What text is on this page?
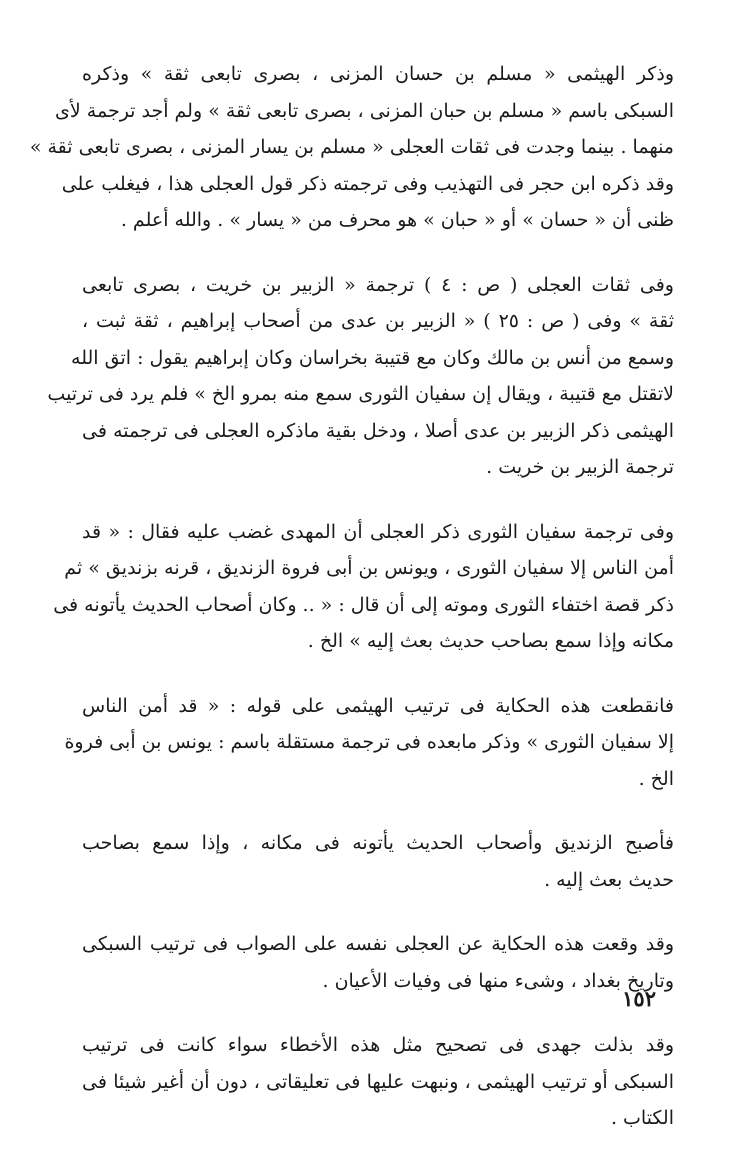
وذكر الهيثمى « مسلم بن حسان المزنى ، بصرى تابعى ثقة » وذكره
السبكى باسم « مسلم بن حبان المزنى ، بصرى تابعى ثقة » ولم أجد ترجمة لأى
منهما . بينما وجدت فى ثقات العجلى « مسلم بن يسار المزنى ، بصرى تابعى ثقة »
وقد ذكره ابن حجر فى التهذيب وفى ترجمته ذكر قول العجلى هذا ، فيغلب على
ظنى أن « حسان » أو « حبان » هو محرف من « يسار » . والله أعلم .
وفى ثقات العجلى ( ص : ٤ ) ترجمة « الزبير بن خريت ، بصرى تابعى
ثقة » وفى ( ص : ٢٥ ) « الزبير بن عدى من أصحاب إبراهيم ، ثقة ثبت ،
وسمع من أنس بن مالك وكان مع قتيبة بخراسان وكان إبراهيم يقول : اتق الله
لاتقتل مع قتيبة ، ويقال إن سفيان الثورى سمع منه بمرو الخ » فلم يرد فى ترتيب
الهيثمى ذكر الزبير بن عدى أصلا ، ودخل بقية ماذكره العجلى فى ترجمته فى
ترجمة الزبير بن خريت .
وفى ترجمة سفيان الثورى ذكر العجلى أن المهدى غضب عليه فقال : « قد
أمن الناس إلا سفيان الثورى ، ويونس بن أبى فروة الزنديق ، قرنه بزنديق » ثم
ذكر قصة اختفاء الثورى وموته إلى أن قال : « .. وكان أصحاب الحديث يأتونه فى
مكانه وإذا سمع بصاحب حديث بعث إليه » الخ .
فانقطعت هذه الحكاية فى ترتيب الهيثمى على قوله : « قد أمن الناس
إلا سفيان الثورى » وذكر مابعده فى ترجمة مستقلة باسم : يونس بن أبى فروة
الخ .
فأصبح الزنديق وأصحاب الحديث يأتونه فى مكانه ، وإذا سمع بصاحب
حديث بعث إليه .
وقد وقعت هذه الحكاية عن العجلى نفسه على الصواب فى ترتيب السبكى
وتاريخ بغداد ، وشىء منها فى وفيات الأعيان .
وقد بذلت جهدى فى تصحيح مثل هذه الأخطاء سواء كانت فى ترتيب
السبكى أو ترتيب الهيثمى ، ونبهت عليها فى تعليقاتى ، دون أن أغير شيئا فى
الكتاب .
١٥٢
